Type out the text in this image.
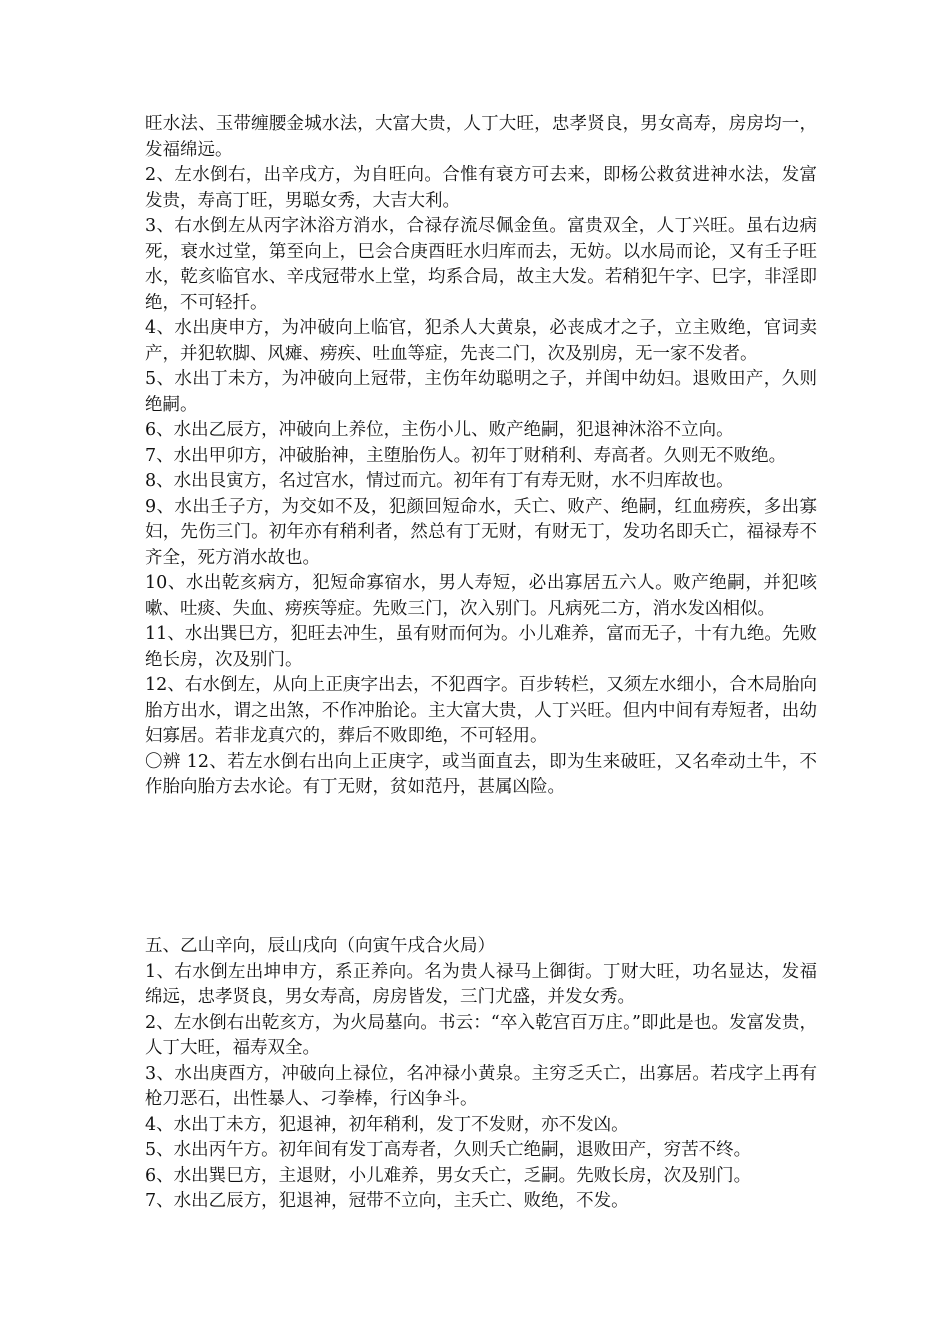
旺水法、玉带缠腰金城水法，大富大贵，人丁大旺，忠孝贤良，男女高寿，房房均一，发福绵远。

2、左水倒右，出辛戌方，为自旺向。合惟有衰方可去来，即杨公救贫进神水法，发富发贵，寿高丁旺，男聪女秀，大吉大利。

3、右水倒左从丙字沐浴方消水，合禄存流尽佩金鱼。富贵双全，人丁兴旺。虽右边病死，衰水过堂，第至向上，巳会合庚酉旺水归库而去，无妨。以水局而论，又有壬子旺水，乾亥临官水、辛戌冠带水上堂，均系合局，故主大发。若稍犯午字、巳字，非淫即绝，不可轻扦。

4、水出庚申方，为冲破向上临官，犯杀人大黄泉，必丧成才之子，立主败绝，官词卖产，并犯软脚、风瘫、痨疾、吐血等症，先丧二门，次及别房，无一家不发者。

5、水出丁未方，为冲破向上冠带，主伤年幼聪明之子，并闺中幼妇。退败田产，久则绝嗣。

6、水出乙辰方，冲破向上养位，主伤小儿、败产绝嗣，犯退神沐浴不立向。

7、水出甲卯方，冲破胎神，主堕胎伤人。初年丁财稍利、寿高者。久则无不败绝。

8、水出艮寅方，名过宫水，情过而亢。初年有丁有寿无财，水不归库故也。

9、水出壬子方，为交如不及，犯颜回短命水，夭亡、败产、绝嗣，红血痨疾，多出寡妇，先伤三门。初年亦有稍利者，然总有丁无财，有财无丁，发功名即夭亡，福禄寿不齐全，死方消水故也。

10、水出乾亥病方，犯短命寡宿水，男人寿短，必出寡居五六人。败产绝嗣，并犯咳嗽、吐痰、失血、痨疾等症。先败三门，次入别门。凡病死二方，消水发凶相似。

11、水出巽巳方，犯旺去冲生，虽有财而何为。小儿难养，富而无子，十有九绝。先败绝长房，次及别门。

12、右水倒左，从向上正庚字出去，不犯酉字。百步转栏，又须左水细小，合木局胎向胎方出水，谓之出煞，不作冲胎论。主大富大贵，人丁兴旺。但内中间有寿短者，出幼妇寡居。若非龙真穴的，葬后不败即绝，不可轻用。

〇辨 12、若左水倒右出向上正庚字，或当面直去，即为生来破旺，又名牵动土牛，不作胎向胎方去水论。有丁无财，贫如范丹，甚属凶险。

五、乙山辛向，辰山戌向（向寅午戌合火局）

1、右水倒左出坤申方，系正养向。名为贵人禄马上御街。丁财大旺，功名显达，发福绵远，忠孝贤良，男女寿高，房房皆发，三门尤盛，并发女秀。

2、左水倒右出乾亥方，为火局墓向。书云：“卒入乾宫百万庄。”即此是也。发富发贵，人丁大旺，福寿双全。

3、水出庚酉方，冲破向上禄位，名冲禄小黄泉。主穷乏夭亡，出寡居。若戌字上再有枪刀恶石，出性暴人、刁拳棒，行凶争斗。

4、水出丁未方，犯退神，初年稍利，发丁不发财，亦不发凶。

5、水出丙午方。初年间有发丁高寿者，久则夭亡绝嗣，退败田产，穷苦不终。

6、水出巽巳方，主退财，小儿难养，男女夭亡，乏嗣。先败长房，次及别门。

7、水出乙辰方，犯退神，冠带不立向，主夭亡、败绝，不发。
